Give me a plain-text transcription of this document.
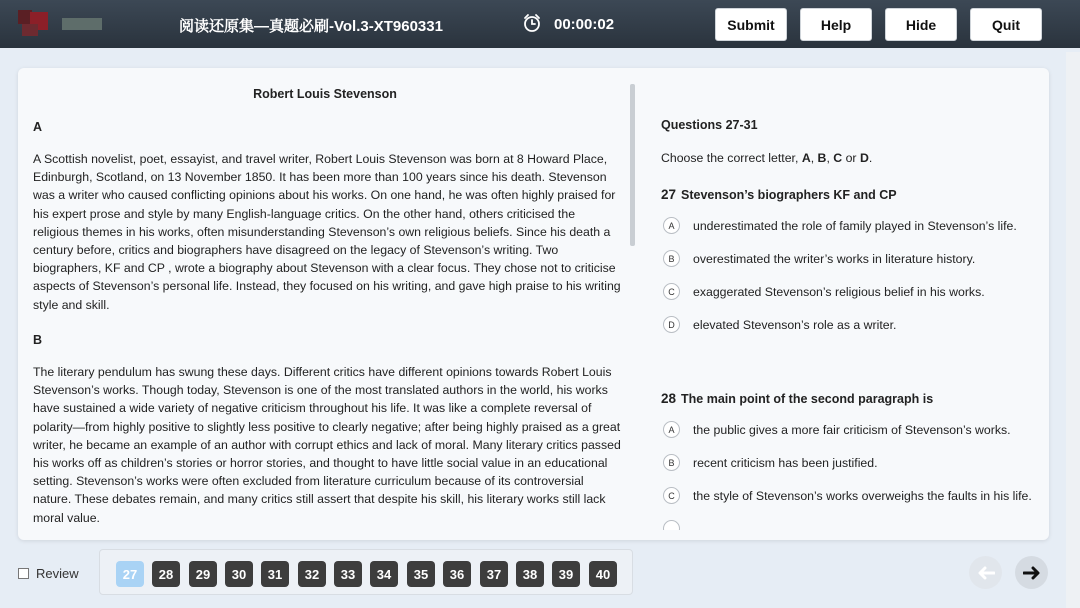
阅读还原集—真题必刷-Vol.3-XT960331	00:00:02	Submit	Help	Hide	Quit
Robert Louis Stevenson
A
A Scottish novelist, poet, essayist, and travel writer, Robert Louis Stevenson was born at 8 Howard Place, Edinburgh, Scotland, on 13 November 1850. It has been more than 100 years since his death. Stevenson was a writer who caused conflicting opinions about his works. On one hand, he was often highly praised for his expert prose and style by many English-language critics. On the other hand, others criticised the religious themes in his works, often misunderstanding Stevenson’s own religious beliefs. Since his death a century before, critics and biographers have disagreed on the legacy of Stevenson’s writing. Two biographers, KF and CP , wrote a biography about Stevenson with a clear focus. They chose not to criticise aspects of Stevenson’s personal life. Instead, they focused on his writing, and gave high praise to his writing style and skill.
B
The literary pendulum has swung these days. Different critics have different opinions towards Robert Louis Stevenson’s works. Though today, Stevenson is one of the most translated authors in the world, his works have sustained a wide variety of negative criticism throughout his life. It was like a complete reversal of polarity—from highly positive to slightly less positive to clearly negative; after being highly praised as a great writer, he became an example of an author with corrupt ethics and lack of moral. Many literary critics passed his works off as children’s stories or horror stories, and thought to have little social value in an educational setting. Stevenson’s works were often excluded from literature curriculum because of its controversial nature. These debates remain, and many critics still assert that despite his skill, his literary works still lack moral value.
Questions 27-31
Choose the correct letter, A, B, C or D.
27 Stevenson’s biographers KF and CP
A	underestimated the role of family played in Stevenson’s life.
B	overestimated the writer’s works in literature history.
C	exaggerated Stevenson’s religious belief in his works.
D	elevated Stevenson’s role as a writer.
28 The main point of the second paragraph is
A	the public gives a more fair criticism of Stevenson’s works.
B	recent criticism has been justified.
C	the style of Stevenson’s works overweighs the faults in his life.
Review	27	28	29	30	31	32	33	34	35	36	37	38	39	40
